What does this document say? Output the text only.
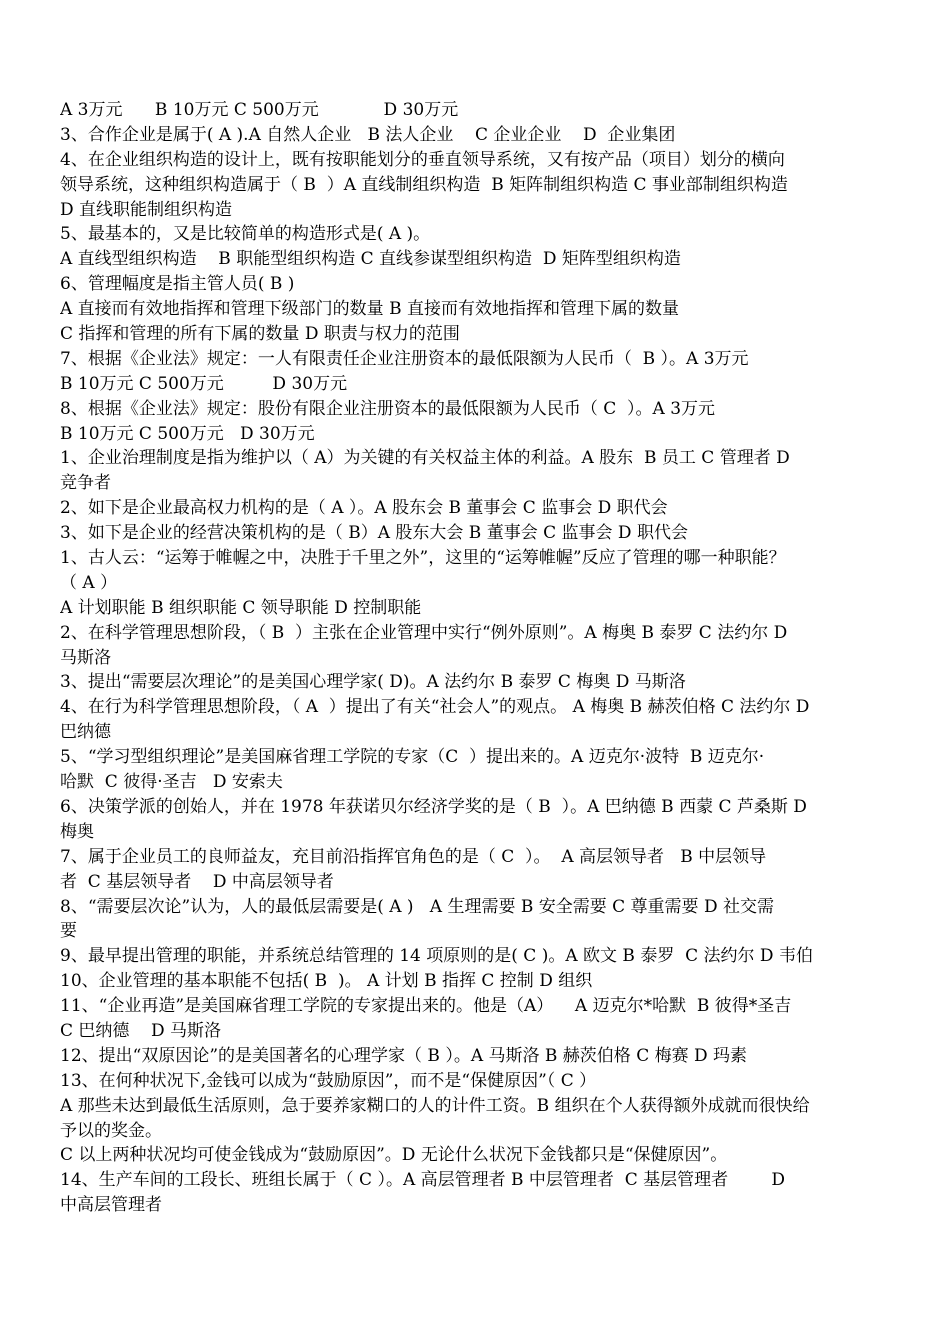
A 3万元      B 10万元 C 500万元            D 30万元
3、合作企业是属于( A ).A 自然人企业   B 法人企业    C 企业企业    D  企业集团
4、在企业组织构造的设计上，既有按职能划分的垂直领导系统，又有按产品（项目）划分的横向
领导系统，这种组织构造属于（ B  ）A 直线制组织构造  B 矩阵制组织构造 C 事业部制组织构造
D 直线职能制组织构造
5、最基本的，又是比较简单的构造形式是( A )。
A 直线型组织构造    B 职能型组织构造 C 直线参谋型组织构造  D 矩阵型组织构造
6、管理幅度是指主管人员( B )
A 直接而有效地指挥和管理下级部门的数量 B 直接而有效地指挥和管理下属的数量
C 指挥和管理的所有下属的数量 D 职责与权力的范围
7、根据《企业法》规定：一人有限责任企业注册资本的最低限额为人民币（  B ）。A 3万元
B 10万元 C 500万元         D 30万元
8、根据《企业法》规定：股份有限企业注册资本的最低限额为人民币（ C  ）。A 3万元
B 10万元 C 500万元   D 30万元
1、企业治理制度是指为维护以（ A）为关键的有关权益主体的利益。A 股东  B 员工 C 管理者 D
竞争者
2、如下是企业最高权力机构的是（ A ）。A 股东会 B 董事会 C 监事会 D 职代会
3、如下是企业的经营决策机构的是（ B）A 股东大会 B 董事会 C 监事会 D 职代会
1、古人云：“运筹于帷幄之中，决胜于千里之外”，这里的“运筹帷幄”反应了管理的哪一种职能？
（ A ）
A 计划职能 B 组织职能 C 领导职能 D 控制职能
2、在科学管理思想阶段，（ B  ）主张在企业管理中实行“例外原则”。A 梅奥 B 泰罗 C 法约尔 D
马斯洛
3、提出“需要层次理论”的是美国心理学家( D)。A 法约尔 B 泰罗 C 梅奥 D 马斯洛
4、在行为科学管理思想阶段，（ A  ）提出了有关“社会人”的观点。 A 梅奥 B 赫茨伯格 C 法约尔 D
巴纳德
5、“学习型组织理论”是美国麻省理工学院的专家（C  ）提出来的。A 迈克尔·波特  B 迈克尔·
哈默  C 彼得·圣吉   D 安索夫
6、决策学派的创始人，并在 1978 年获诺贝尔经济学奖的是（ B  ）。A 巴纳德 B 西蒙 C 芦桑斯 D
梅奥
7、属于企业员工的良师益友，充目前沿指挥官角色的是（ C  ）。  A 高层领导者   B 中层领导
者  C 基层领导者    D 中高层领导者
8、“需要层次论”认为，人的最低层需要是( A )   A 生理需要 B 安全需要 C 尊重需要 D 社交需
要
9、最早提出管理的职能，并系统总结管理的 14 项原则的是( C )。A 欧文 B 泰罗  C 法约尔 D 韦伯
10、企业管理的基本职能不包括( B  )。 A 计划 B 指挥 C 控制 D 组织
11、“企业再造”是美国麻省理工学院的专家提出来的。他是（A）    A 迈克尔*哈默  B 彼得*圣吉
C 巴纳德    D 马斯洛
12、提出“双原因论”的是美国著名的心理学家（ B ）。A 马斯洛 B 赫茨伯格 C 梅赛 D 玛素
13、在何种状况下,金钱可以成为“鼓励原因”，而不是“保健原因”（ C ）
A 那些未达到最低生活原则，急于要养家糊口的人的计件工资。B 组织在个人获得额外成就而很快给
予以的奖金。
C 以上两种状况均可使金钱成为“鼓励原因”。D 无论什么状况下金钱都只是“保健原因”。
14、生产车间的工段长、班组长属于（ C ）。A 高层管理者 B 中层管理者  C 基层管理者        D
中高层管理者
